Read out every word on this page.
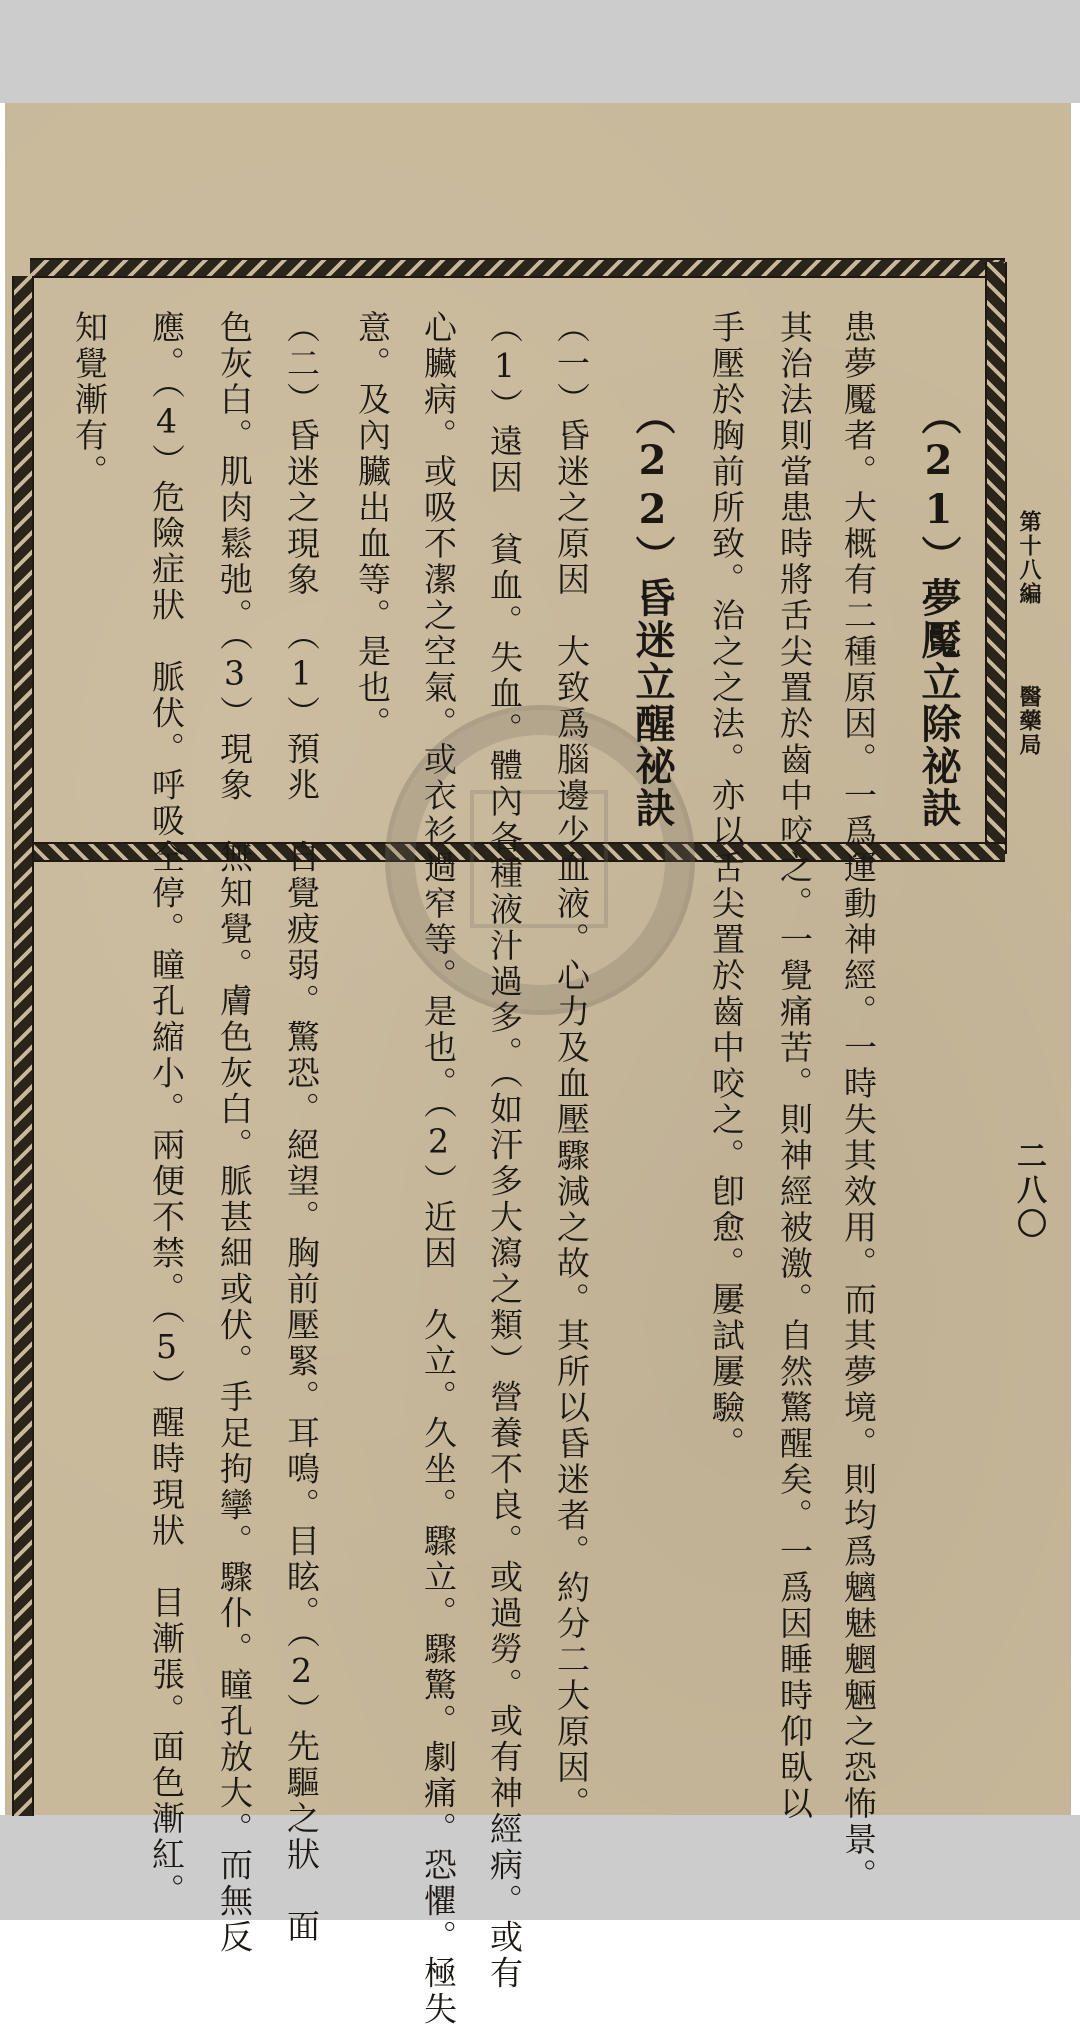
第十八編
醫藥局
二八〇
（21）夢魘立除祕訣
患夢魘者。大概有二種原因。一爲運動神經。一時失其效用。而其夢境。則均爲魑魅魍魎之恐怖景。
其治法則當患時將舌尖置於齒中咬之。一覺痛苦。則神經被激。自然驚醒矣。一爲因睡時仰臥以
手壓於胸前所致。治之之法。亦以舌尖置於齒中咬之。卽愈。屢試屢驗。
（22）昏迷立醒祕訣
（一）昏迷之原因　大致爲腦邊少血液。心力及血壓驟減之故。其所以昏迷者。約分二大原因。
（1）遠因　貧血。失血。體內各種液汁過多。（如汗多大瀉之類）營養不良。或過勞。或有神經病。或有
心臟病。或吸不潔之空氣。或衣衫過窄等。是也。（2）近因　久立。久坐。驟立。驟驚。劇痛。恐懼。極失
意。及內臟出血等。是也。
（二）昏迷之現象　（1）預兆　自覺疲弱。驚恐。絕望。胸前壓緊。耳鳴。目眩。（2）先驅之狀　面
色灰白。肌肉鬆弛。（3）現象　無知覺。膚色灰白。脈甚細或伏。手足拘攣。驟仆。瞳孔放大。而無反
應。（4）危險症狀　脈伏。呼吸全停。瞳孔縮小。兩便不禁。（5）醒時現狀　目漸張。面色漸紅。
知覺漸有。
